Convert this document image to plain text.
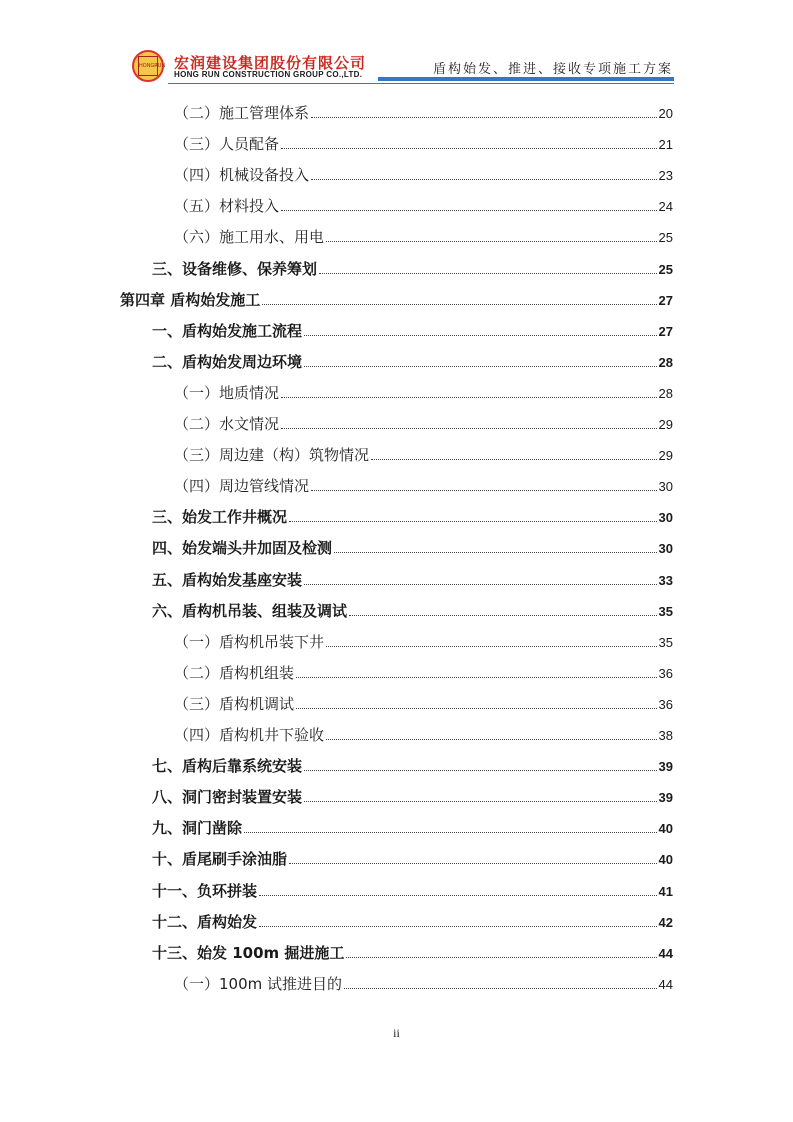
HONGRUN 宏润建设集团股份有限公司
HONG RUN CONSTRUCTION GROUP CO.,LTD.	盾构始发、推进、接收专项施工方案
（二）施工管理体系	20
（三）人员配备	21
（四）机械设备投入	23
（五）材料投入	24
（六）施工用水、用电	25
三、设备维修、保养筹划	25
第四章 盾构始发施工	27
一、盾构始发施工流程	27
二、盾构始发周边环境	28
（一）地质情况	28
（二）水文情况	29
（三）周边建（构）筑物情况	29
（四）周边管线情况	30
三、始发工作井概况	30
四、始发端头井加固及检测	30
五、盾构始发基座安装	33
六、盾构机吊装、组装及调试	35
（一）盾构机吊装下井	35
（二）盾构机组装	36
（三）盾构机调试	36
（四）盾构机井下验收	38
七、盾构后靠系统安装	39
八、洞门密封装置安装	39
九、洞门凿除	40
十、盾尾刷手涂油脂	40
十一、负环拼装	41
十二、盾构始发	42
十三、始发 100m 掘进施工	44
（一）100m 试推进目的	44
ii
